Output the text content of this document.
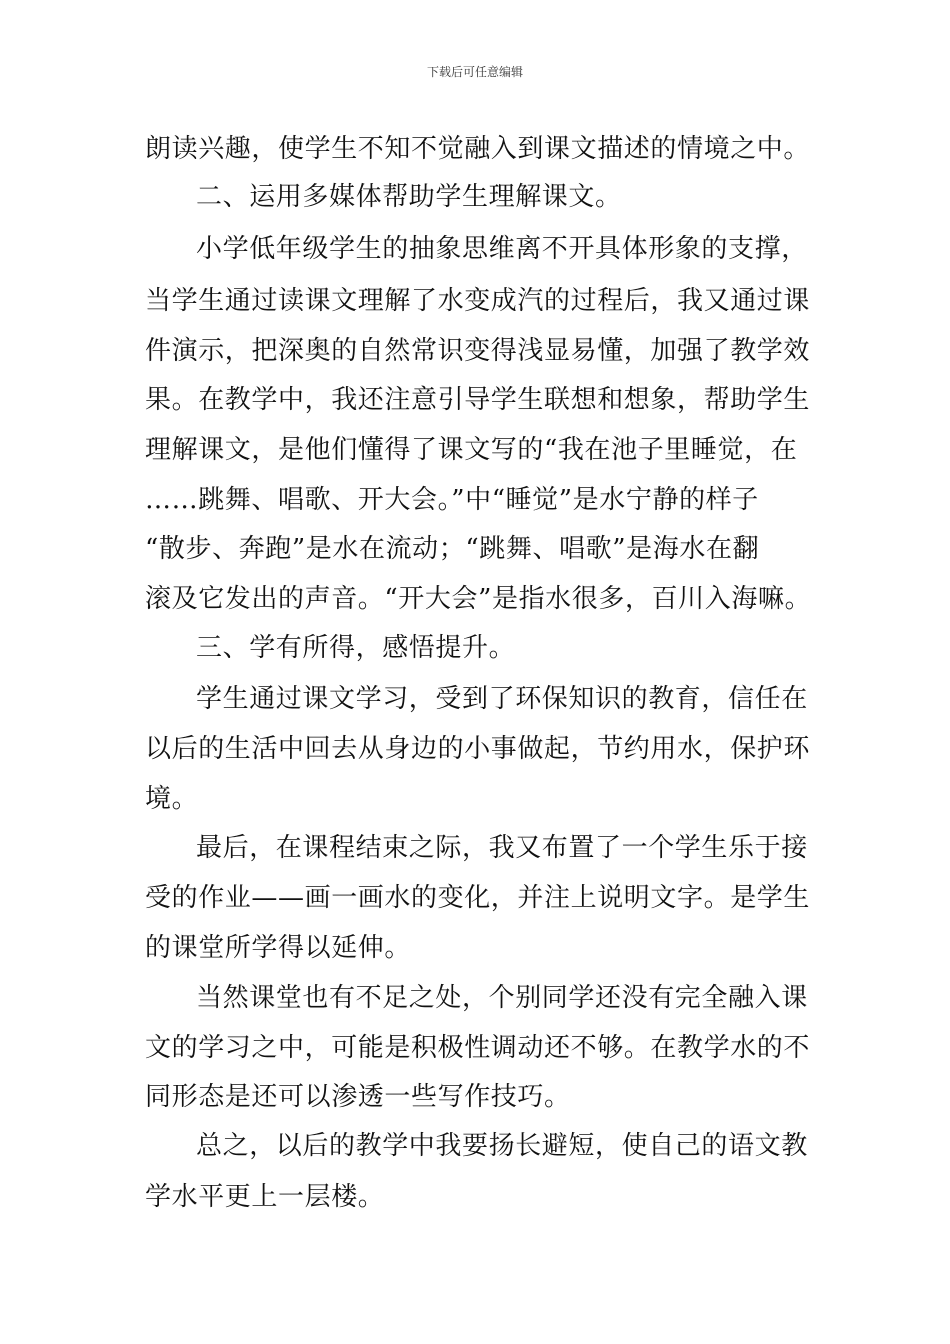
下载后可任意编辑
朗读兴趣，使学生不知不觉融入到课文描述的情境之中。
二、运用多媒体帮助学生理解课文。
小学低年级学生的抽象思维离不开具体形象的支撑，
当学生通过读课文理解了水变成汽的过程后，我又通过课
件演示，把深奥的自然常识变得浅显易懂，加强了教学效
果。在教学中，我还注意引导学生联想和想象，帮助学生
理解课文，是他们懂得了课文写的“我在池子里睡觉，在
……跳舞、唱歌、开大会。”中“睡觉”是水宁静的样子
“散步、奔跑”是水在流动；“跳舞、唱歌”是海水在翻
滚及它发出的声音。“开大会”是指水很多，百川入海嘛。
三、学有所得，感悟提升。
学生通过课文学习，受到了环保知识的教育，信任在
以后的生活中回去从身边的小事做起，节约用水，保护环
境。
最后，在课程结束之际，我又布置了一个学生乐于接
受的作业——画一画水的变化，并注上说明文字。是学生
的课堂所学得以延伸。
当然课堂也有不足之处，个别同学还没有完全融入课
文的学习之中，可能是积极性调动还不够。在教学水的不
同形态是还可以渗透一些写作技巧。
总之，以后的教学中我要扬长避短，使自己的语文教
学水平更上一层楼。
